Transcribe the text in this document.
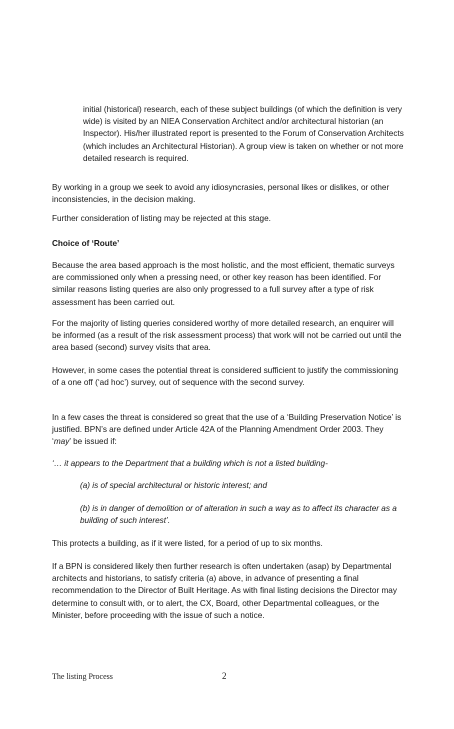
initial (historical) research, each of these subject buildings (of which the definition is very wide) is visited by an NIEA Conservation Architect and/or architectural historian (an Inspector). His/her illustrated report is presented to the Forum of Conservation Architects (which includes an Architectural Historian). A group view is taken on whether or not more detailed research is required.

By working in a group we seek to avoid any idiosyncrasies, personal likes or dislikes, or other inconsistencies, in the decision making.

Further consideration of listing may be rejected at this stage.

Choice of ‘Route’

Because the area based approach is the most holistic, and the most efficient, thematic surveys are commissioned only when a pressing need, or other key reason has been identified. For similar reasons listing queries are also only progressed to a full survey after a type of risk assessment has been carried out.

For the majority of listing queries considered worthy of more detailed research, an enquirer will be informed (as a result of the risk assessment process) that work will not be carried out until the area based (second) survey visits that area.

However, in some cases the potential threat is considered sufficient to justify the commissioning of a one off (‘ad hoc’) survey, out of sequence with the second survey.

In a few cases the threat is considered so great that the use of a ‘Building Preservation Notice’ is justified. BPN’s are defined under Article 42A of the Planning Amendment Order 2003. They ‘may’ be issued if:

‘… it appears to the Department that a building which is not a listed building-

(a) is of special architectural or historic interest; and

(b) is in danger of demolition or of alteration in such a way as to affect its character as a building of such interest’.

This protects a building, as if it were listed, for a period of up to six months.

If a BPN is considered likely then further research is often undertaken (asap) by Departmental architects and historians, to satisfy criteria (a) above, in advance of presenting a final recommendation to the Director of Built Heritage. As with final listing decisions the Director may determine to consult with, or to alert, the CX, Board, other Departmental colleagues, or the Minister, before proceeding with the issue of such a notice.

The listing Process	2
